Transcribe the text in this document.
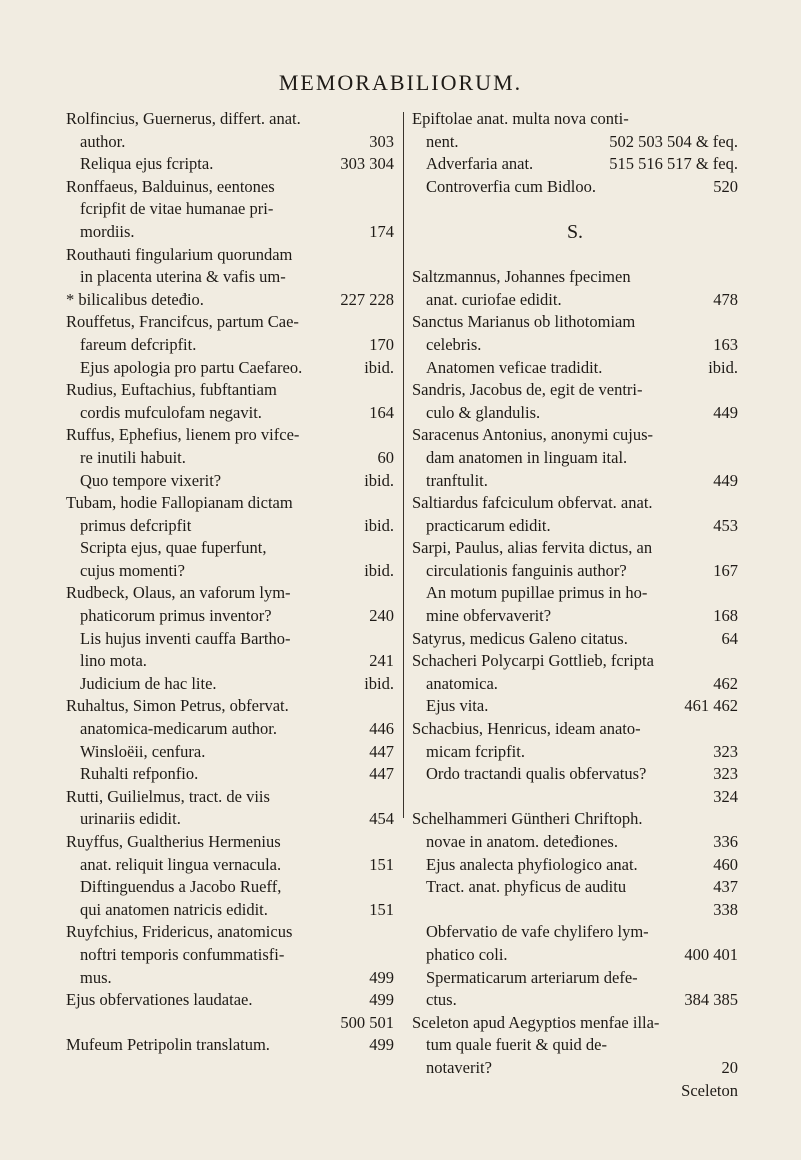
MEMORABILIORUM.
Rolfincius, Guernerus, differt. anat.
author.	303
Reliqua ejus fcripta.	303 304
Ronffaeus, Balduinus, eentones
fcripfit de vitae humanae pri-
mordiis.	174
Routhauti fingularium quorundam
in placenta uterina & vafis um-
* bilicalibus deteđio.	227 228
Rouffetus, Francifcus, partum Cae-
fareum defcripfit.	170
Ejus apologia pro partu Caefareo.	ibid.
Rudius, Euftachius, fubftantiam
cordis mufculofam negavit.	164
Ruffus, Ephefius, lienem pro vifce-
re inutili habuit.	60
Quo tempore vixerit?	ibid.
Tubam, hodie Fallopianam dictam
primus defcripfit	ibid.
Scripta ejus, quae fuperfunt,
cujus momenti?	ibid.
Rudbeck, Olaus, an vaforum lym-
phaticorum primus inventor?	240
Lis hujus inventi cauffa Bartho-
lino mota.	241
Judicium de hac lite.	ibid.
Ruhaltus, Simon Petrus, obfervat.
anatomica-medicarum author.	446
Winsloëii, cenfura.	447
Ruhalti refponfio.	447
Rutti, Guilielmus, tract. de viis
urinariis edidit.	454
Ruyffus, Gualtherius Hermenius
anat. reliquit lingua vernacula.	151
Diftinguendus a Jacobo Rueff,
qui anatomen natricis edidit.	151
Ruyfchius, Fridericus, anatomicus
noftri temporis confummatisfi-
mus.	499
Ejus obfervationes laudatae.	499
500 501
Mufeum Petripolin translatum.	499
Epiftolae anat. multa nova conti-
nent.	502 503 504 & feq.
Adverfaria anat.	515 516 517 & feq.
Controverfia cum Bidloo.	520
S.
Saltzmannus, Johannes fpecimen
anat. curiofae edidit.	478
Sanctus Marianus ob lithotomiam
celebris.	163
Anatomen veficae tradidit.	ibid.
Sandris, Jacobus de, egit de ventri-
culo & glandulis.	449
Saracenus Antonius, anonymi cujus-
dam anatomen in linguam ital.
tranftulit.	449
Saltiardus fafciculum obfervat. anat.
practicarum edidit.	453
Sarpi, Paulus, alias fervita dictus, an
circulationis fanguinis author?	167
An motum pupillae primus in ho-
mine obfervaverit?	168
Satyrus, medicus Galeno citatus.	64
Schacheri Polycarpi Gottlieb, fcripta
anatomica.	462
Ejus vita.	461 462
Schacbius, Henricus, ideam anato-
micam fcripfit.	323
Ordo tractandi qualis obfervatus?	323
324
Schelhammeri Güntheri Chriftoph.
novae in anatom. deteđiones.	336
Ejus analecta phyfiologico anat.	460
Tract. anat. phyficus de auditu	437
338
Obfervatio de vafe chylifero lym-
phatico coli.	400 401
Spermaticarum arteriarum defe-
ctus.	384 385
Sceleton apud Aegyptios menfae illa-
tum quale fuerit & quid de-
notaverit?	20
Sceleton
